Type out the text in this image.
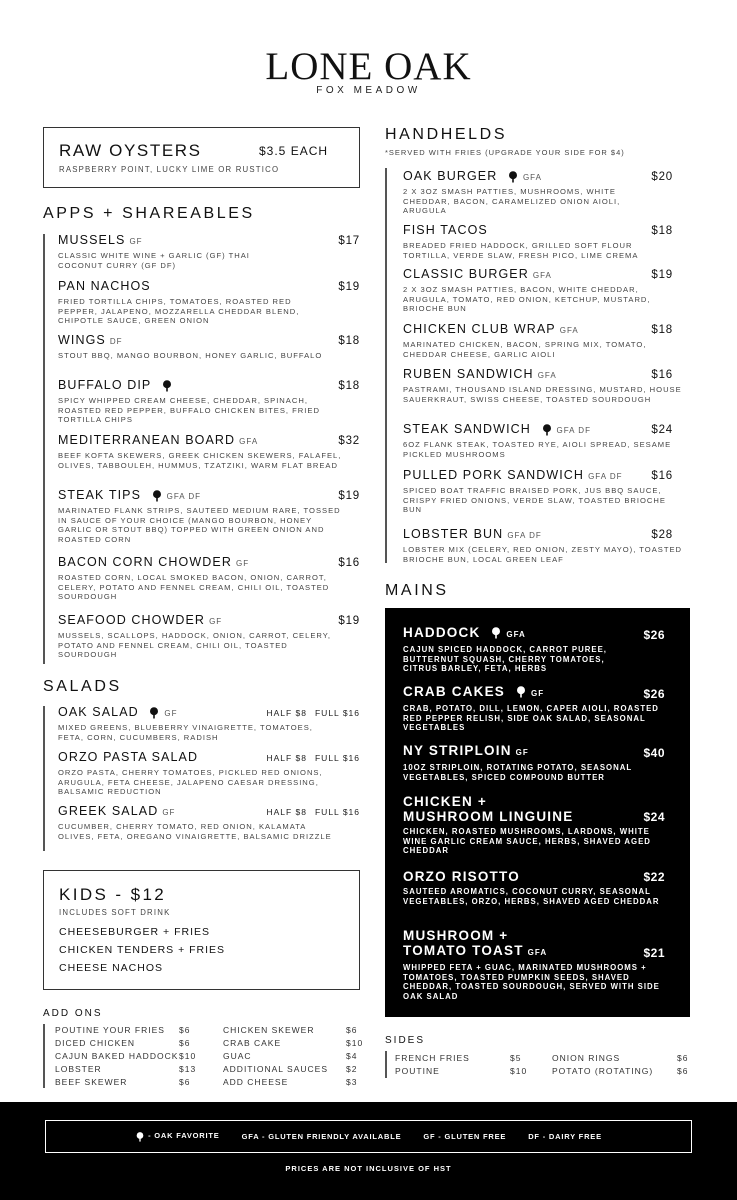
LONE OAK
FOX MEADOW
RAW OYSTERS	$3.5 EACH
RASPBERRY POINT, LUCKY LIME OR RUSTICO
APPS + SHAREABLES
MUSSELS GF	$17
CLASSIC WHITE WINE + GARLIC (GF) THAI COCONUT CURRY (GF DF)
PAN NACHOS	$19
FRIED TORTILLA CHIPS, TOMATOES, ROASTED RED PEPPER, JALAPENO, MOZZARELLA CHEDDAR BLEND, CHIPOTLE SAUCE, GREEN ONION
WINGS DF	$18
STOUT BBQ, MANGO BOURBON, HONEY GARLIC, BUFFALO
BUFFALO DIP	$18
SPICY WHIPPED CREAM CHEESE, CHEDDAR, SPINACH, ROASTED RED PEPPER, BUFFALO CHICKEN BITES, FRIED TORTILLA CHIPS
MEDITERRANEAN BOARD GFA	$32
BEEF KOFTA SKEWERS, GREEK CHICKEN SKEWERS, FALAFEL, OLIVES, TABBOULEH, HUMMUS, TZATZIKI, WARM FLAT BREAD
STEAK TIPS	GFA DF	$19
MARINATED FLANK STRIPS, SAUTEED MEDIUM RARE, TOSSED IN SAUCE OF YOUR CHOICE (MANGO BOURBON, HONEY GARLIC OR STOUT BBQ) TOPPED WITH GREEN ONION AND ROASTED CORN
BACON CORN CHOWDER GF	$16
ROASTED CORN, LOCAL SMOKED BACON, ONION, CARROT, CELERY, POTATO AND FENNEL CREAM, CHILI OIL, TOASTED SOURDOUGH
SEAFOOD CHOWDER GF	$19
MUSSELS, SCALLOPS, HADDOCK, ONION, CARROT, CELERY, POTATO AND FENNEL CREAM, CHILI OIL, TOASTED SOURDOUGH
SALADS
OAK SALAD	GF	HALF $8 FULL $16
MIXED GREENS, BLUEBERRY VINAIGRETTE, TOMATOES, FETA, CORN, CUCUMBERS, RADISH
ORZO PASTA SALAD	HALF $8 FULL $16
ORZO PASTA, CHERRY TOMATOES, PICKLED RED ONIONS, ARUGULA, FETA CHEESE, JALAPENO CAESAR DRESSING, BALSAMIC REDUCTION
GREEK SALAD GF	HALF $8 FULL $16
CUCUMBER, CHERRY TOMATO, RED ONION, KALAMATA OLIVES, FETA, OREGANO VINAIGRETTE, BALSAMIC DRIZZLE
KIDS - $12
INCLUDES SOFT DRINK
CHEESEBURGER + FRIES
CHICKEN TENDERS + FRIES
CHEESE NACHOS
ADD ONS
POUTINE YOUR FRIES $6
DICED CHICKEN	$6
CAJUN BAKED HADDOCK $10
LOBSTER	$13
BEEF SKEWER	$6
CHICKEN SKEWER	$6
CRAB CAKE	$10
GUAC	$4
ADDITIONAL SAUCES $2
ADD CHEESE	$3
HANDHELDS
*SERVED WITH FRIES (UPGRADE YOUR SIDE FOR $4)
OAK BURGER	GFA	$20
2 X 3OZ SMASH PATTIES, MUSHROOMS, WHITE CHEDDAR, BACON, CARAMELIZED ONION AIOLI, ARUGULA
FISH TACOS	$18
BREADED FRIED HADDOCK, GRILLED SOFT FLOUR TORTILLA, VERDE SLAW, FRESH PICO, LIME CREMA
CLASSIC BURGER GFA	$19
2 X 3OZ SMASH PATTIES, BACON, WHITE CHEDDAR, ARUGULA, TOMATO, RED ONION, KETCHUP, MUSTARD, BRIOCHE BUN
CHICKEN CLUB WRAP GFA	$18
MARINATED CHICKEN, BACON, SPRING MIX, TOMATO, CHEDDAR CHEESE, GARLIC AIOLI
RUBEN SANDWICH GFA	$16
PASTRAMI, THOUSAND ISLAND DRESSING, MUSTARD, HOUSE SAUERKRAUT, SWISS CHEESE, TOASTED SOURDOUGH
STEAK SANDWICH	GFA DF	$24
6OZ FLANK STEAK, TOASTED RYE, AIOLI SPREAD, SESAME PICKLED MUSHROOMS
PULLED PORK SANDWICH GFA DF	$16
SPICED BOAT TRAFFIC BRAISED PORK, JUS BBQ SAUCE, CRISPY FRIED ONIONS, VERDE SLAW, TOASTED BRIOCHE BUN
LOBSTER BUN GFA DF	$28
LOBSTER MIX (CELERY, RED ONION, ZESTY MAYO), TOASTED BRIOCHE BUN, LOCAL GREEN LEAF
MAINS
HADDOCK	GFA	$26
CAJUN SPICED HADDOCK, CARROT PUREE, BUTTERNUT SQUASH, CHERRY TOMATOES, CITRUS BARLEY, FETA, HERBS
CRAB CAKES	GF	$26
CRAB, POTATO, DILL, LEMON, CAPER AIOLI, ROASTED RED PEPPER RELISH, SIDE OAK SALAD, SEASONAL VEGETABLES
NY STRIPLOIN GF	$40
10OZ STRIPLOIN, ROTATING POTATO, SEASONAL VEGETABLES, SPICED COMPOUND BUTTER
CHICKEN +
MUSHROOM LINGUINE	$24
CHICKEN, ROASTED MUSHROOMS, LARDONS, WHITE WINE GARLIC CREAM SAUCE, HERBS, SHAVED AGED CHEDDAR
ORZO RISOTTO	$22
SAUTEED AROMATICS, COCONUT CURRY, SEASONAL VEGETABLES, ORZO, HERBS, SHAVED AGED CHEDDAR
MUSHROOM +
TOMATO TOAST GFA	$21
WHIPPED FETA + GUAC, MARINATED MUSHROOMS + TOMATOES, TOASTED PUMPKIN SEEDS, SHAVED CHEDDAR, TOASTED SOURDOUGH, SERVED WITH SIDE OAK SALAD
SIDES
FRENCH FRIES	$5
POUTINE	$10
ONION RINGS	$6
POTATO (ROTATING)	$6
- OAK FAVORITE	GFA - GLUTEN FRIENDLY AVAILABLE	GF - GLUTEN FREE	DF - DAIRY FREE
PRICES ARE NOT INCLUSIVE OF HST
